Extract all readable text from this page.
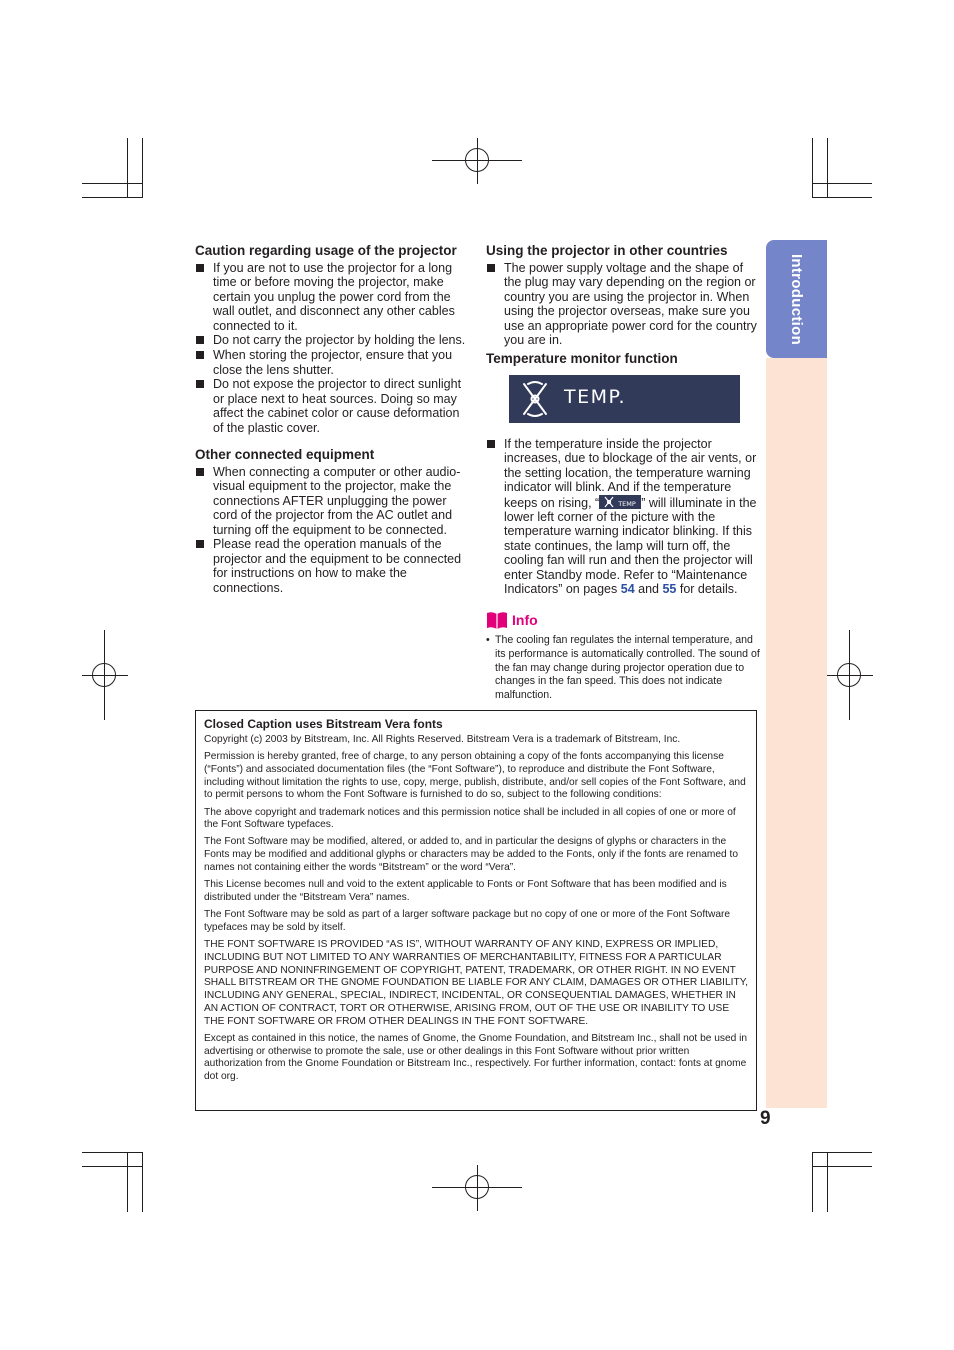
Introduction
Caution regarding usage of the projector
If you are not to use the projector for a long time or before moving the projector, make certain you unplug the power cord from the wall outlet, and disconnect any other cables connected to it.
Do not carry the projector by holding the lens.
When storing the projector, ensure that you close the lens shutter.
Do not expose the projector to direct sunlight or place next to heat sources. Doing so may affect the cabinet color or cause deformation of the plastic cover.
Other connected equipment
When connecting a computer or other audio-visual equipment to the projector, make the connections AFTER unplugging the power cord of the projector from the AC outlet and turning off the equipment to be connected.
Please read the operation manuals of the projector and the equipment to be connected for instructions on how to make the connections.
Using the projector in other countries
The power supply voltage and the shape of the plug may vary depending on the region or country you are using the projector in. When using the projector overseas, make sure you use an appropriate power cord for the country you are in.
Temperature monitor function
TEMP.
If the temperature inside the projector increases, due to blockage of the air vents, or the setting location, the temperature warning indicator will blink. And if the temperature keeps on rising, “	TEMP ” will illuminate in the lower left corner of the picture with the temperature warning indicator blinking. If this state continues, the lamp will turn off, the cooling fan will run and then the projector will enter Standby mode. Refer to “Maintenance Indicators” on pages 54 and 55 for details.
Info
• The cooling fan regulates the internal temperature, and its performance is automatically controlled. The sound of the fan may change during projector operation due to changes in the fan speed. This does not indicate malfunction.
Closed Caption uses Bitstream Vera fonts

Copyright (c) 2003 by Bitstream, Inc. All Rights Reserved. Bitstream Vera is a trademark of Bitstream, Inc.

Permission is hereby granted, free of charge, to any person obtaining a copy of the fonts accompanying this license (“Fonts”) and associated documentation files (the “Font Software”), to reproduce and distribute the Font Software, including without limitation the rights to use, copy, merge, publish, distribute, and/or sell copies of the Font Software, and to permit persons to whom the Font Software is furnished to do so, subject to the following conditions:

The above copyright and trademark notices and this permission notice shall be included in all copies of one or more of the Font Software typefaces.

The Font Software may be modified, altered, or added to, and in particular the designs of glyphs or characters in the Fonts may be modified and additional glyphs or characters may be added to the Fonts, only if the fonts are renamed to names not containing either the words “Bitstream” or the word “Vera”.

This License becomes null and void to the extent applicable to Fonts or Font Software that has been modified and is distributed under the “Bitstream Vera” names.

The Font Software may be sold as part of a larger software package but no copy of one or more of the Font Software typefaces may be sold by itself.

THE FONT SOFTWARE IS PROVIDED “AS IS”, WITHOUT WARRANTY OF ANY KIND, EXPRESS OR IMPLIED, INCLUDING BUT NOT LIMITED TO ANY WARRANTIES OF MERCHANTABILITY, FITNESS FOR A PARTICULAR PURPOSE AND NONINFRINGEMENT OF COPYRIGHT, PATENT, TRADEMARK, OR OTHER RIGHT. IN NO EVENT SHALL BITSTREAM OR THE GNOME FOUNDATION BE LIABLE FOR ANY CLAIM, DAMAGES OR OTHER LIABILITY, INCLUDING ANY GENERAL, SPECIAL, INDIRECT, INCIDENTAL, OR CONSEQUENTIAL DAMAGES, WHETHER IN AN ACTION OF CONTRACT, TORT OR OTHERWISE, ARISING FROM, OUT OF THE USE OR INABILITY TO USE THE FONT SOFTWARE OR FROM OTHER DEALINGS IN THE FONT SOFTWARE.

Except as contained in this notice, the names of Gnome, the Gnome Foundation, and Bitstream Inc., shall not be used in advertising or otherwise to promote the sale, use or other dealings in this Font Software without prior written authorization from the Gnome Foundation or Bitstream Inc., respectively. For further information, contact: fonts at gnome dot org.

9
